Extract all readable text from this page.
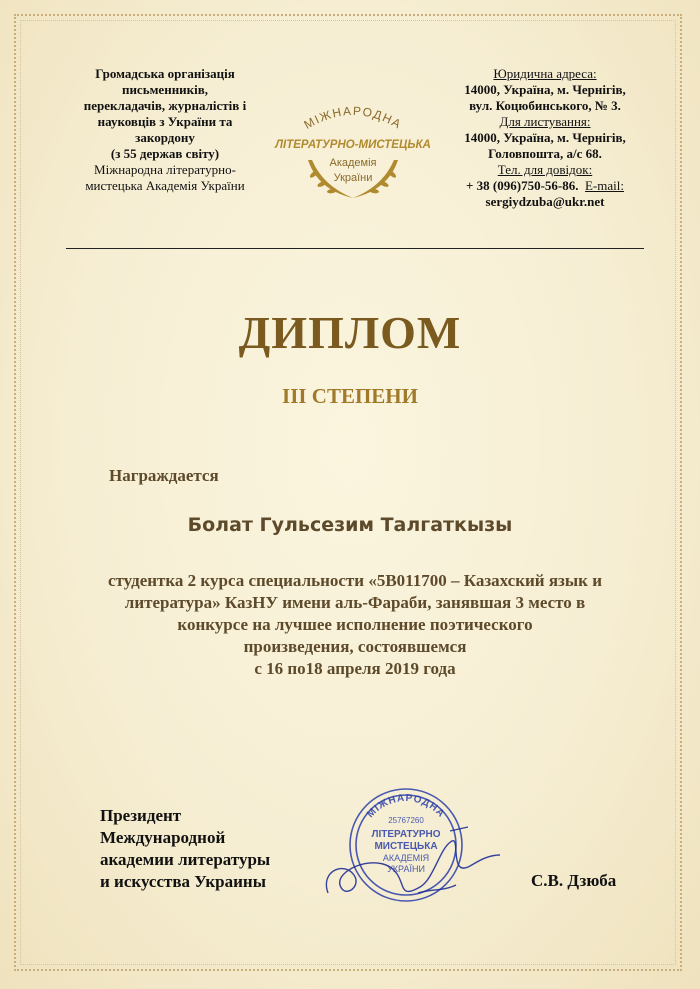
Громадська організація
письменників,
перекладачів, журналістів і
науковців з України та
закордону
(з 55 держав світу)
Міжнародна літературно-
мистецька Академія України
МІЖНАРОДНА
ЛІТЕРАТУРНО-МИСТЕЦЬКА
Академія
України
Юридична адреса:
14000, Україна, м. Чернігів,
вул. Коцюбинського, № 3.
Для листування:
14000, Україна, м. Чернігів,
Головпошта, а/с 68.
Тел. для довідок:
+ 38 (096)750-56-86. E-mail:
sergiydzuba@ukr.net
ДИПЛОМ
III СТЕПЕНИ
Награждается
Болат Гульсезим Талгаткызы
студентка 2 курса специальности «5В011700 – Казахский язык и
литература» КазНУ имени аль-Фараби, занявшая 3 место в
конкурсе на лучшее исполнение поэтического
произведения, состоявшемся
с 16 по18 апреля 2019 года
Президент
Международной
академии литературы
и искусства Украины
МІЖНАРОДНА
25767260
ЛІТЕРАТУРНО
МИСТЕЦЬКА
АКАДЕМІЯ
УКРАЇНИ
С.В. Дзюба
